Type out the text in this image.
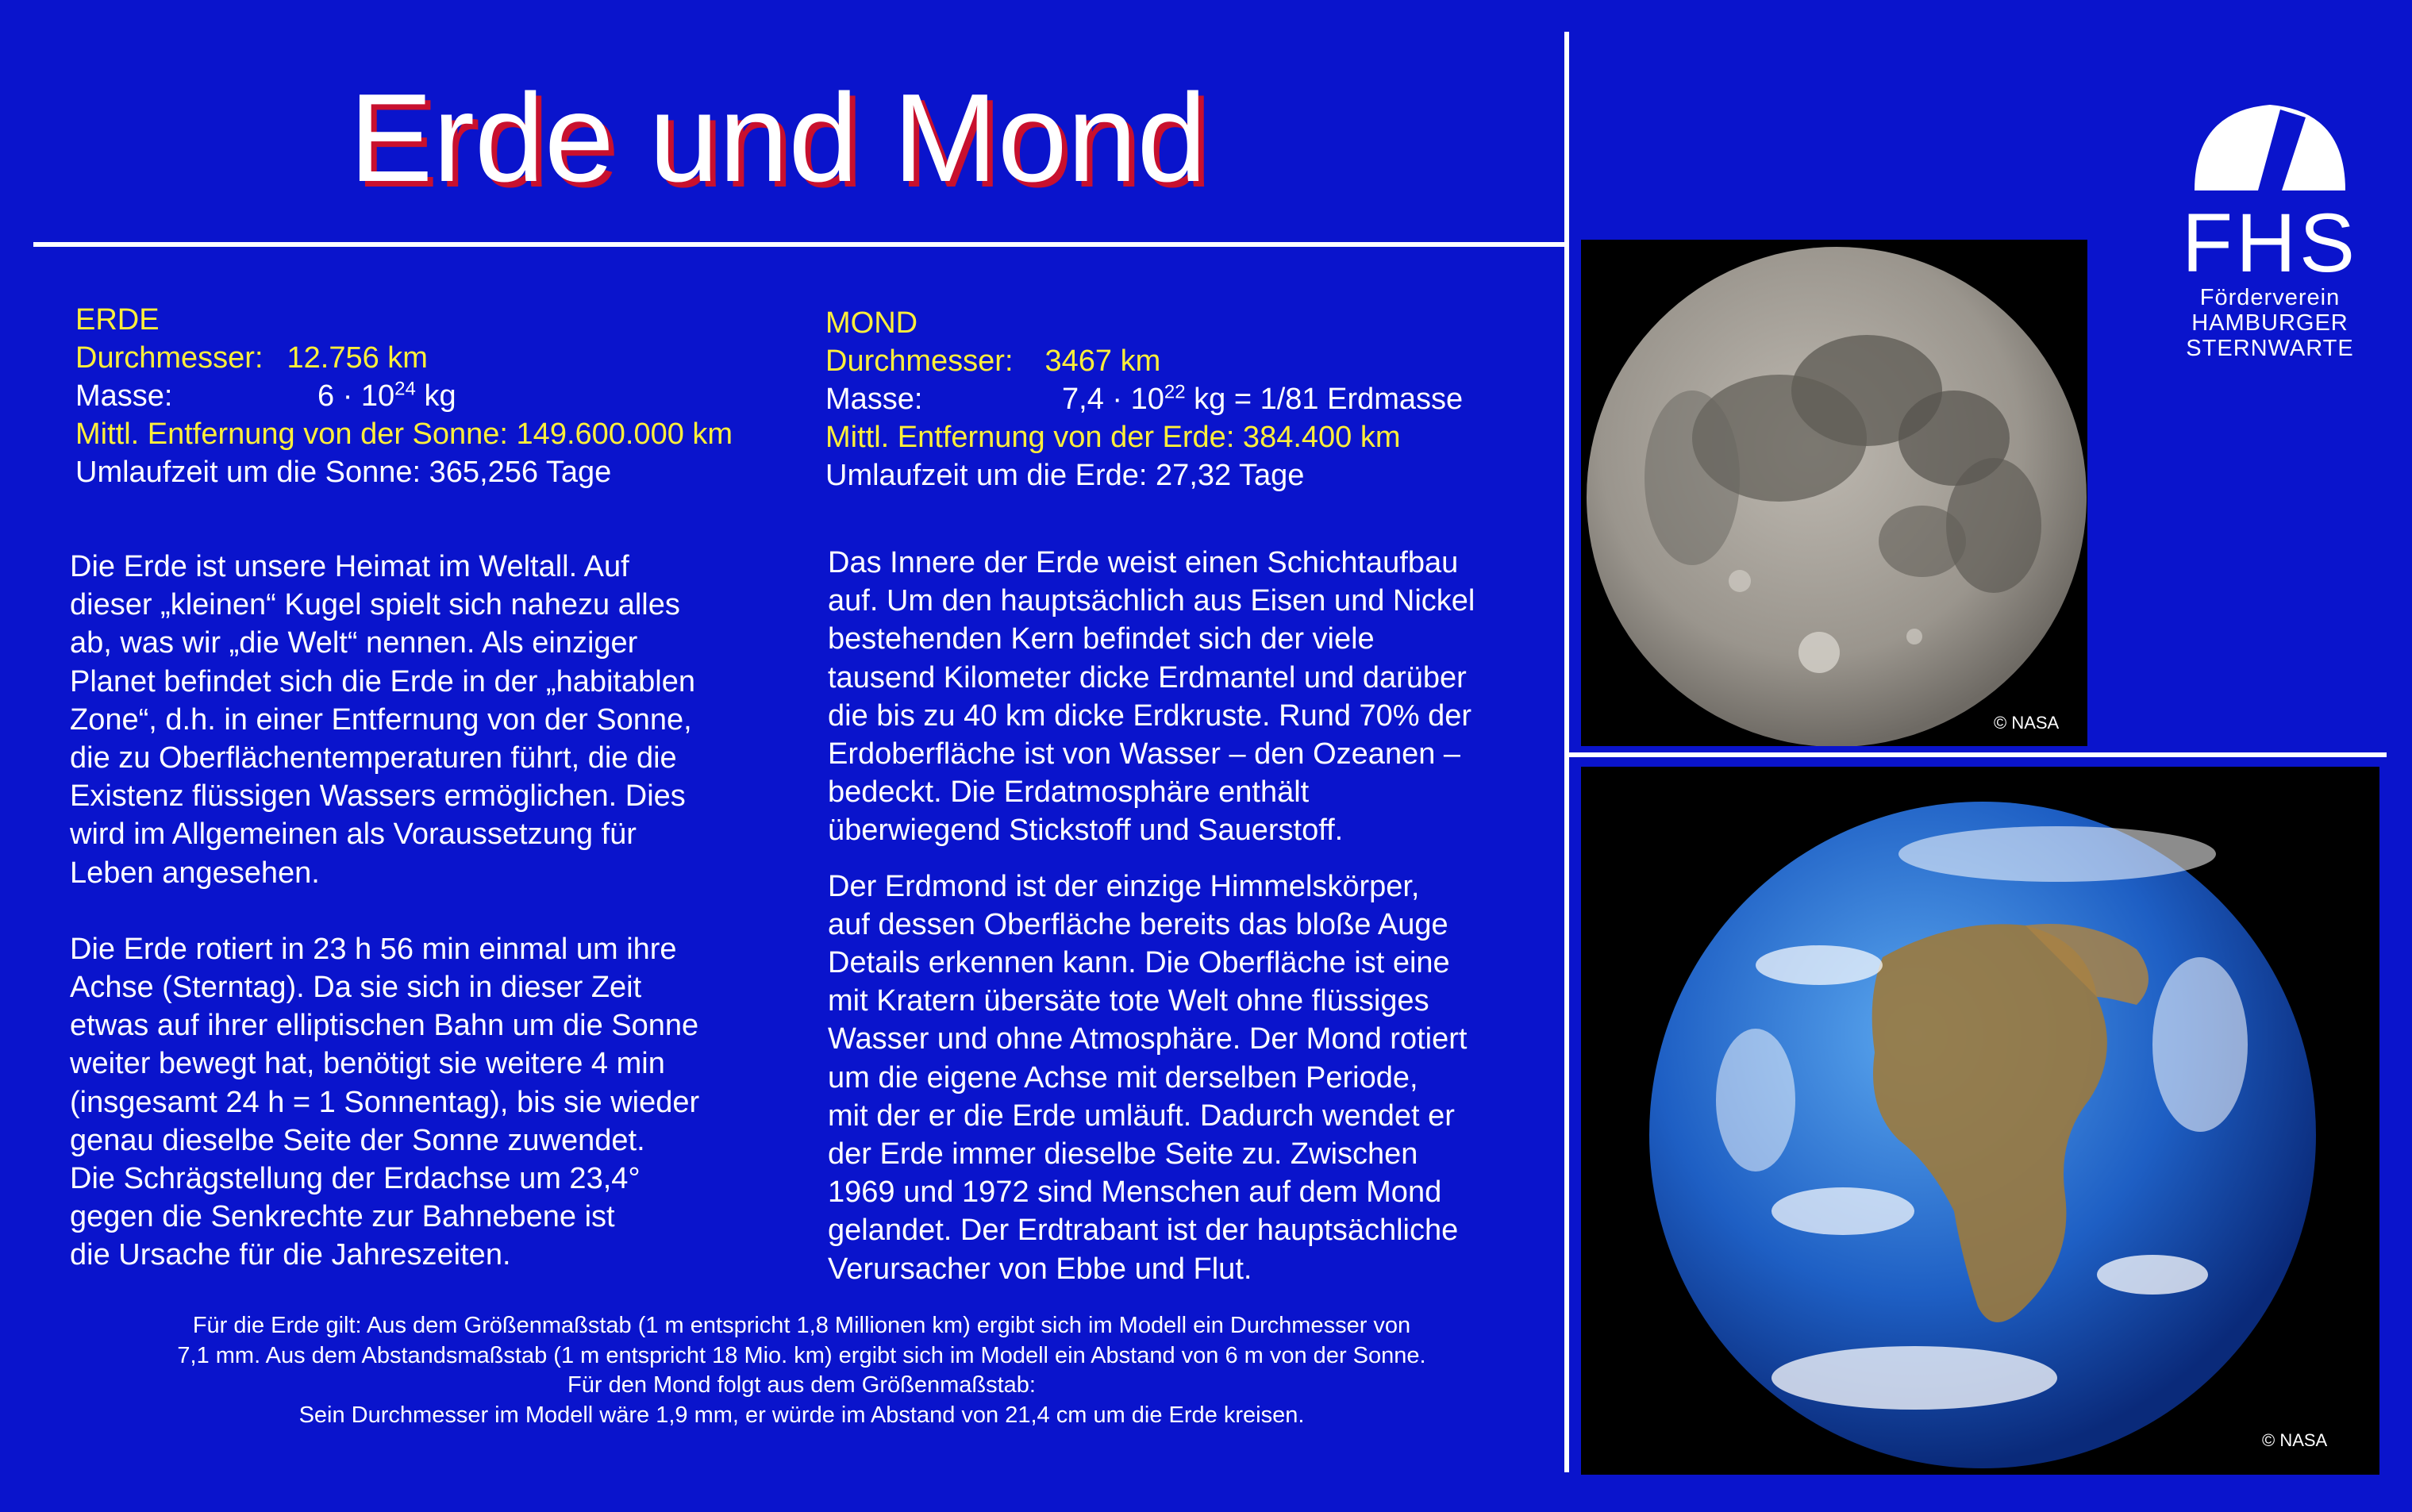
Erde und Mond
ERDE
Durchmesser: 12.756 km
Masse:	$6 \cdot 10^{24}$ kg
Mittl. Entfernung von der Sonne: 149.600.000 km
Umlaufzeit um die Sonne: 365,256 Tage
MOND
Durchmesser: 3467 km
Masse:	$7,4 \cdot 10^{22}$ kg = 1/81 Erdmasse
Mittl. Entfernung von der Erde: 384.400 km
Umlaufzeit um die Erde: 27,32 Tage

Die Erde ist unsere Heimat im Weltall. Auf

dieser „kleinen“ Kugel spielt sich nahezu alles

ab, was wir „die Welt“ nennen. Als einziger

Planet befindet sich die Erde in der „habitablen

Zone“, d.h. in einer Entfernung von der Sonne,

die zu Oberflächentemperaturen führt, die die

Existenz flüssigen Wassers ermöglichen. Dies

wird im Allgemeinen als Voraussetzung für

Leben angesehen.

Die Erde rotiert in 23 h 56 min einmal um ihre

Achse (Sterntag). Da sie sich in dieser Zeit

etwas auf ihrer elliptischen Bahn um die Sonne

weiter bewegt hat, benötigt sie weitere 4 min

(insgesamt 24 h = 1 Sonnentag), bis sie wieder

genau dieselbe Seite der Sonne zuwendet.

Die Schrägstellung der Erdachse um 23,4°

gegen die Senkrechte zur Bahnebene ist

die Ursache für die Jahreszeiten.

Das Innere der Erde weist einen Schichtaufbau

auf. Um den hauptsächlich aus Eisen und Nickel

bestehenden Kern befindet sich der viele

tausend Kilometer dicke Erdmantel und darüber

die bis zu 40 km dicke Erdkruste. Rund 70% der

Erdoberfläche ist von Wasser – den Ozeanen –

bedeckt. Die Erdatmosphäre enthält

überwiegend Stickstoff und Sauerstoff.

Der Erdmond ist der einzige Himmelskörper,

auf dessen Oberfläche bereits das bloße Auge

Details erkennen kann. Die Oberfläche ist eine

mit Kratern übersäte tote Welt ohne flüssiges

Wasser und ohne Atmosphäre. Der Mond rotiert

um die eigene Achse mit derselben Periode,

mit der er die Erde umläuft. Dadurch wendet er

der Erde immer dieselbe Seite zu. Zwischen

1969 und 1972 sind Menschen auf dem Mond

gelandet. Der Erdtrabant ist der hauptsächliche

Verursacher von Ebbe und Flut.

Für die Erde gilt: Aus dem Größenmaßstab (1 m entspricht 1,8 Millionen km) ergibt sich im Modell ein Durchmesser von
7,1 mm. Aus dem Abstandsmaßstab (1 m entspricht 18 Mio. km) ergibt sich im Modell ein Abstand von 6 m von der Sonne.
Für den Mond folgt aus dem Größenmaßstab:
Sein Durchmesser im Modell wäre 1,9 mm, er würde im Abstand von 21,4 cm um die Erde kreisen.
© NASA
© NASA
FHS
Förderverein
HAMBURGER
STERNWARTE
